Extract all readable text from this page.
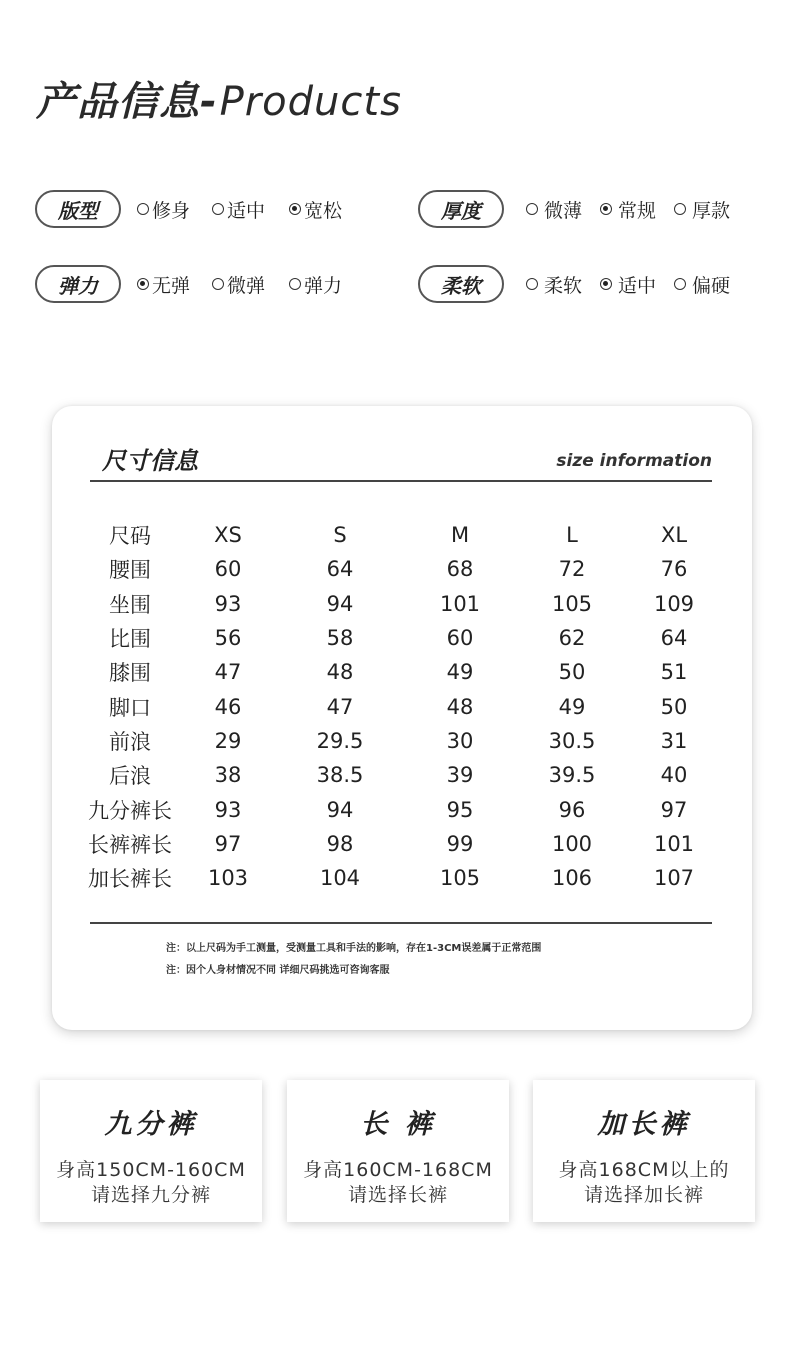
产品信息-Products
版型	修身 适中 宽松	厚度	微薄 常规 厚款
弹力	无弹 微弹 弹力	柔软	柔软 适中 偏硬
尺寸信息	size information
尺码	XS	S	M	L	XL
腰围	60	64	68	72	76
坐围	93	94	101	105	109
比围	56	58	60	62	64
膝围	47	48	49	50	51
脚口	46	47	48	49	50
前浪	29	29.5	30	30.5	31
后浪	38	38.5	39	39.5	40
九分裤长	93	94	95	96	97
长裤裤长	97	98	99	100	101
加长裤长	103	104	105	106	107
注：以上尺码为手工测量，受测量工具和手法的影响，存在1-3CM误差属于正常范围
注：因个人身材情况不同 详细尺码挑选可咨询客服
九分裤
身高150CM-160CM
请选择九分裤
长 裤
身高160CM-168CM
请选择长裤
加长裤
身高168CM以上的
请选择加长裤
